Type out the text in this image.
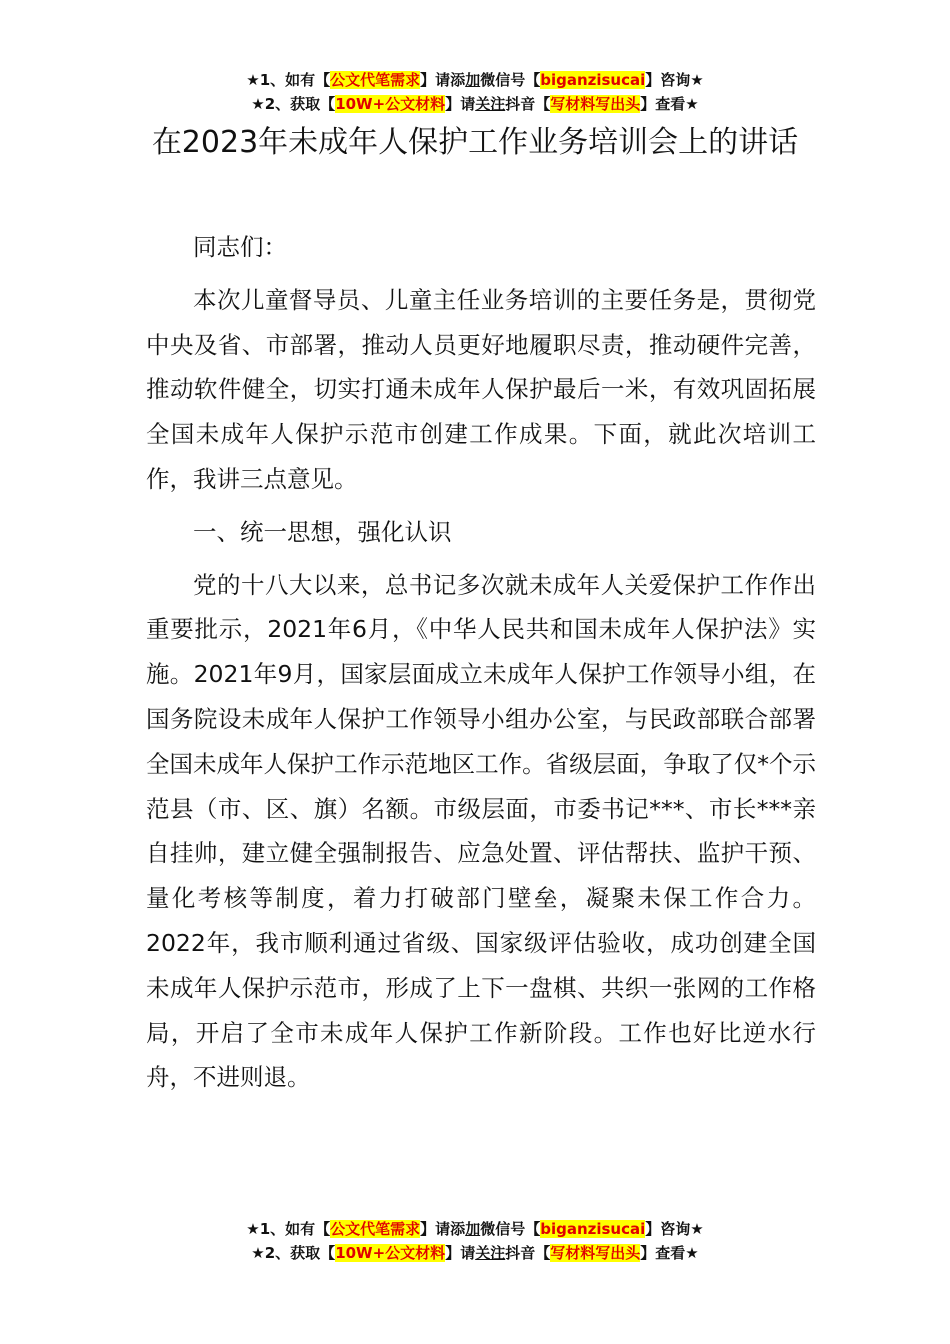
★1、如有【公文代笔需求】请添加微信号【biganzisucai】咨询★
★2、获取【10W+公文材料】请关注抖音【写材料写出头】查看★
在2023年未成年人保护工作业务培训会上的讲话

同志们：

本次儿童督导员、儿童主任业务培训的主要任务是，贯彻党中央及省、市部署，推动人员更好地履职尽责，推动硬件完善，推动软件健全，切实打通未成年人保护最后一米，有效巩固拓展全国未成年人保护示范市创建工作成果。下面，就此次培训工作，我讲三点意见。

一、统一思想，强化认识

党的十八大以来，总书记多次就未成年人关爱保护工作作出重要批示，2021年6月，《中华人民共和国未成年人保护法》实施。2021年9月，国家层面成立未成年人保护工作领导小组，在国务院设未成年人保护工作领导小组办公室，与民政部联合部署全国未成年人保护工作示范地区工作。省级层面，争取了仅*个示范县（市、区、旗）名额。市级层面，市委书记***、市长***亲自挂帅，建立健全强制报告、应急处置、评估帮扶、监护干预、量化考核等制度，着力打破部门壁垒，凝聚未保工作合力。2022年，我市顺利通过省级、国家级评估验收，成功创建全国未成年人保护示范市，形成了上下一盘棋、共织一张网的工作格局，开启了全市未成年人保护工作新阶段。工作也好比逆水行舟，不进则退。

★1、如有【公文代笔需求】请添加微信号【biganzisucai】咨询★
★2、获取【10W+公文材料】请关注抖音【写材料写出头】查看★
